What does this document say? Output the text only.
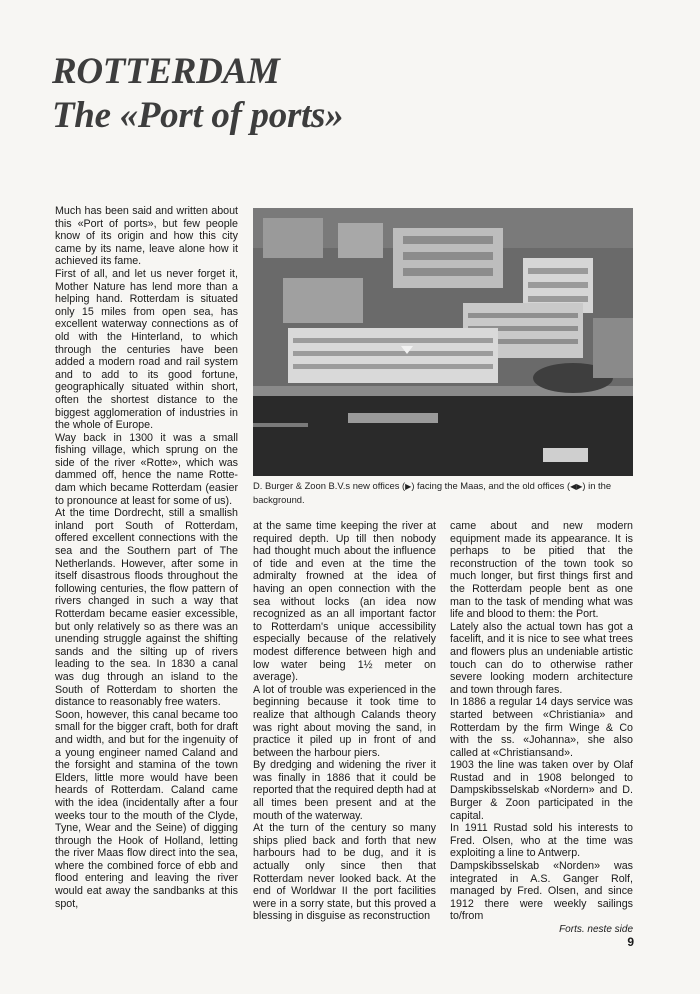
ROTTERDAM
The «Port of ports»

Much has been said and written about this «Port of ports», but few people know of its origin and how this city came by its name, leave alone how it achieved its fame.

First of all, and let us never forget it, Mother Nature has lend more than a helping hand. Rotterdam is situated only 15 miles from open sea, has excellent waterway connections as of old with the Hinterland, to which through the centuries have been added a modern road and rail system and to add to its good fortune, geographically situated within short, often the shortest distance to the biggest agglomeration of industries in the whole of Europe.

Way back in 1300 it was a small fishing village, which sprung on the side of the river «Rotte», which was dammed off, hence the name Rotte-dam which became Rotterdam (easier to pronounce at least for some of us).

At the time Dordrecht, still a smallish inland port South of Rotterdam, offered excellent connections with the sea and the Southern part of The Netherlands. However, after some in itself disastrous floods throughout the following centuries, the flow pattern of rivers changed in such a way that Rotterdam became easier excessible, but only relatively so as there was an unending struggle against the shifting sands and the silting up of rivers leading to the sea. In 1830 a canal was dug through an island to the South of Rotterdam to shorten the distance to reasonably free waters.

Soon, however, this canal became too small for the bigger craft, both for draft and width, and but for the ingenuity of a young engineer named Caland and the forsight and stamina of the town Elders, little more would have been heards of Rotterdam. Caland came with the idea (incidentally after a four weeks tour to the mouth of the Clyde, Tyne, Wear and the Seine) of digging through the Hook of Holland, letting the river Maas flow direct into the sea, where the combined force of ebb and flood entering and leaving the river would eat away the sandbanks at this spot,

D. Burger & Zoon B.V.s new offices (▶) facing the Maas, and the old offices (◀▶) in the background.

at the same time keeping the river at required depth. Up till then nobody had thought much about the influence of tide and even at the time the admiralty frowned at the idea of having an open connection with the sea without locks (an idea now recognized as an all important factor to Rotterdam's unique accessibility especially because of the relatively modest difference between high and low water being 1½ meter on average).

A lot of trouble was experienced in the beginning because it took time to realize that although Calands theory was right about moving the sand, in practice it piled up in front of and between the harbour piers.

By dredging and widening the river it was finally in 1886 that it could be reported that the required depth had at all times been present and at the mouth of the waterway.

At the turn of the century so many ships plied back and forth that new harbours had to be dug, and it is actually only since then that Rotterdam never looked back. At the end of Worldwar II the port facilities were in a sorry state, but this proved a blessing in disguise as reconstruction

came about and new modern equipment made its appearance. It is perhaps to be pitied that the reconstruction of the town took so much longer, but first things first and the Rotterdam people bent as one man to the task of mending what was life and blood to them: the Port.

Lately also the actual town has got a facelift, and it is nice to see what trees and flowers plus an undeniable artistic touch can do to otherwise rather severe looking modern architecture and town through fares.

In 1886 a regular 14 days service was started between «Christiania» and Rotterdam by the firm Winge & Co with the ss. «Johanna», she also called at «Christiansand».

1903 the line was taken over by Olaf Rustad and in 1908 belonged to Dampskibsselskab «Nordern» and D. Burger & Zoon participated in the capital.

In 1911 Rustad sold his interests to Fred. Olsen, who at the time was exploiting a line to Antwerp.

Dampskibsselskab «Norden» was integrated in A.S. Ganger Rolf, managed by Fred. Olsen, and since 1912 there were weekly sailings to/from

Forts. neste side
9
